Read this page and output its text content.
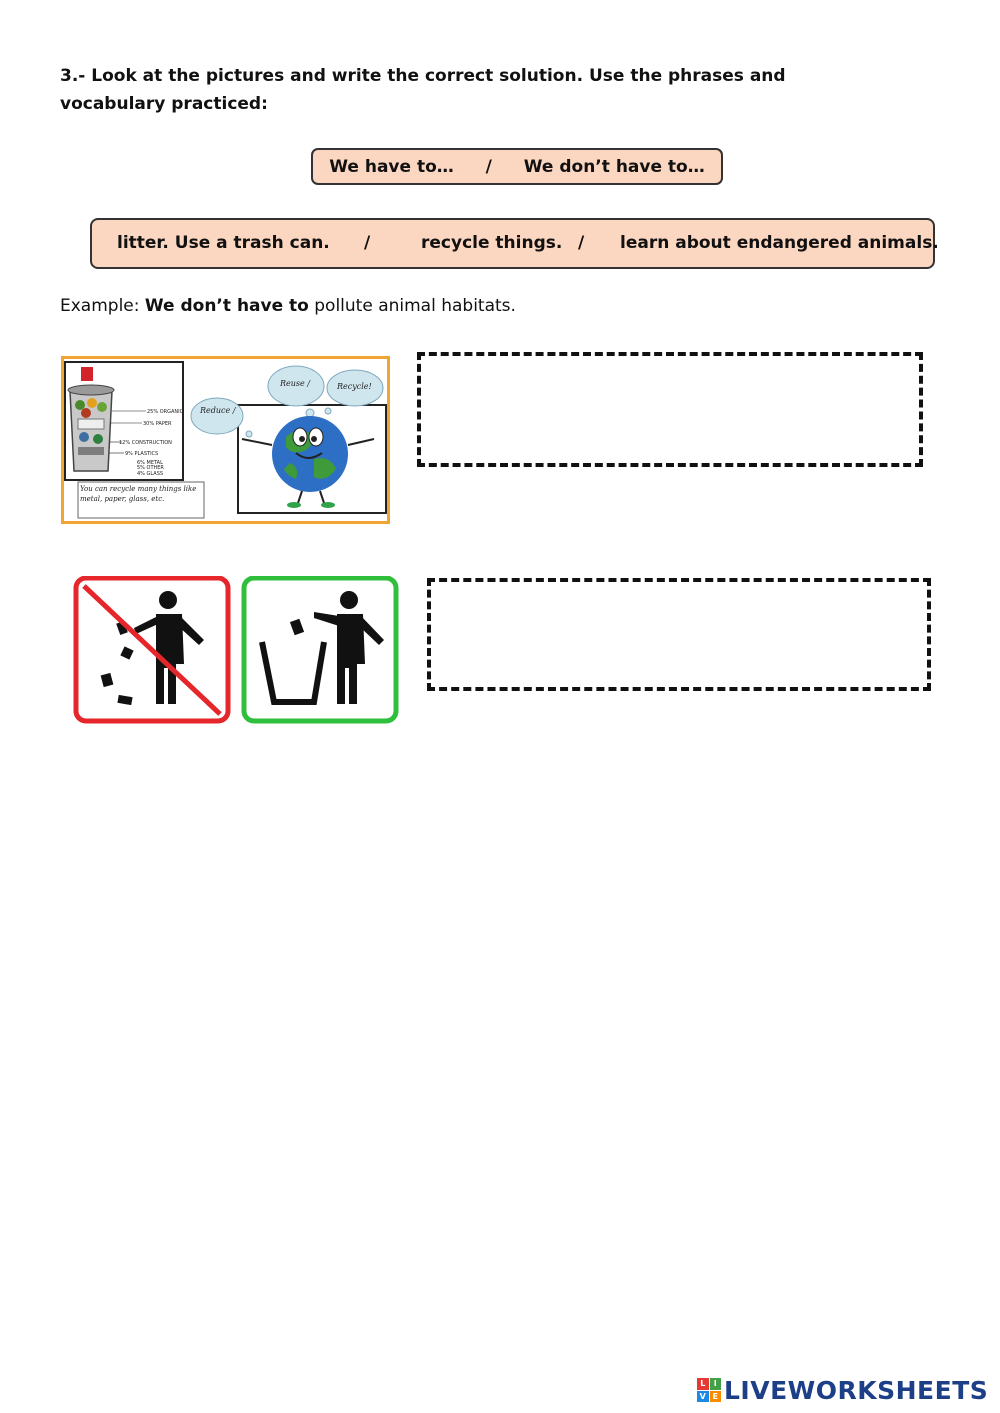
3.- Look at the pictures and write the correct solution. Use the phrases and vocabulary practiced:
We have to…	/	We don’t have to…
litter. Use a trash can. /	recycle things. / learn about endangered animals.
Example: We don’t have to pollute animal habitats.
25% ORGANIC
30% PAPER
12% CONSTRUCTION
9% PLASTICS
6% METAL
5% OTHER
4% GLASS
You can recycle many things like metal, paper, glass, etc.
Reduce /
Reuse /	Recycle!
L	I
V E LIVEWORKSHEETS
